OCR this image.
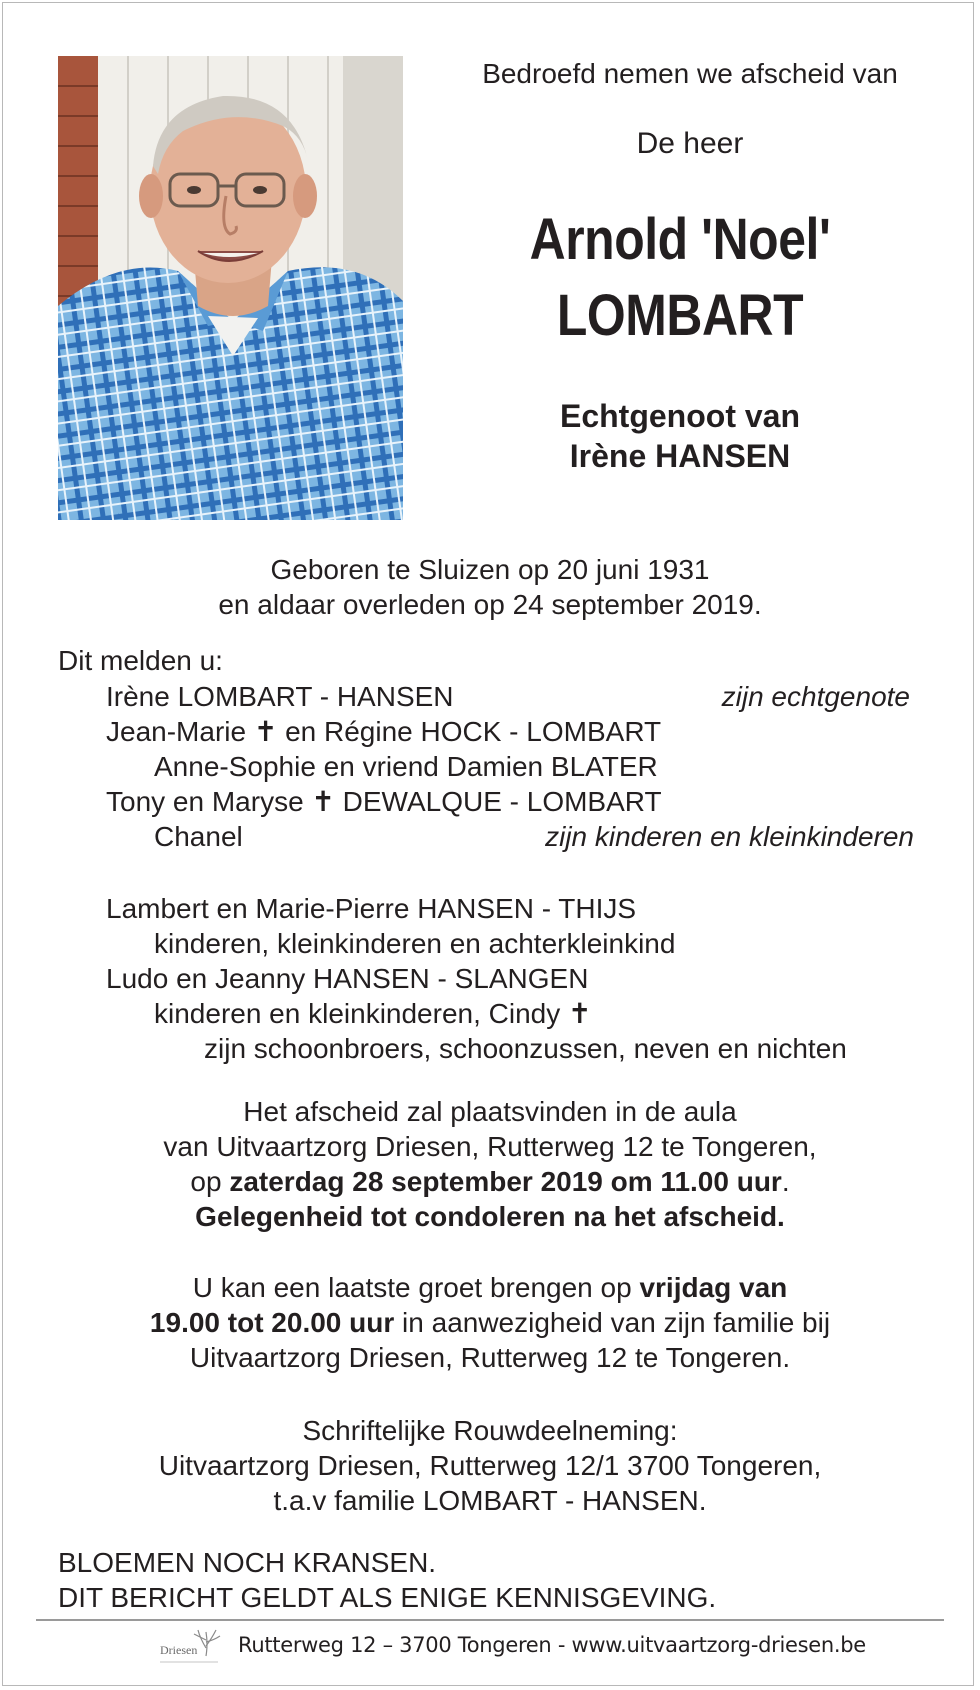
Bedroefd nemen we afscheid van
De heer
Arnold 'Noel'
LOMBART
Echtgenoot van
Irène HANSEN
Geboren te Sluizen op 20 juni 1931
en aldaar overleden op 24 september 2019.
Dit melden u:
Irène LOMBART - HANSEN	zijn echtgenote
Jean-Marie ✝ en Régine HOCK - LOMBART
Anne-Sophie en vriend Damien BLATER
Tony en Maryse ✝ DEWALQUE - LOMBART
Chanel	zijn kinderen en kleinkinderen
Lambert en Marie-Pierre HANSEN - THIJS
kinderen, kleinkinderen en achterkleinkind
Ludo en Jeanny HANSEN - SLANGEN
kinderen en kleinkinderen, Cindy ✝
zijn schoonbroers, schoonzussen, neven en nichten
Het afscheid zal plaatsvinden in de aula
van Uitvaartzorg Driesen, Rutterweg 12 te Tongeren,
op zaterdag 28 september 2019 om 11.00 uur.
Gelegenheid tot condoleren na het afscheid.
U kan een laatste groet brengen op vrijdag van
19.00 tot 20.00 uur in aanwezigheid van zijn familie bij
Uitvaartzorg Driesen, Rutterweg 12 te Tongeren.
Schriftelijke Rouwdeelneming:
Uitvaartzorg Driesen, Rutterweg 12/1 3700 Tongeren,
t.a.v familie LOMBART - HANSEN.
BLOEMEN NOCH KRANSEN.
DIT BERICHT GELDT ALS ENIGE KENNISGEVING.
Driesen Rutterweg 12 – 3700 Tongeren - www.uitvaartzorg-driesen.be
